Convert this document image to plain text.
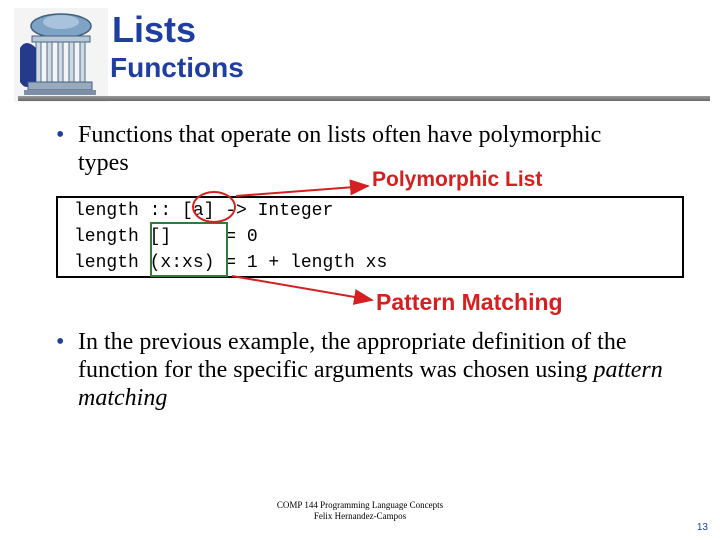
Lists
Functions
• Functions that operate on lists often have polymorphic types
length :: [a] -> Integer
length []     = 0
length (x:xs) = 1 + length xs
Polymorphic List
Pattern Matching
• In the previous example, the appropriate definition of the function for the specific arguments was chosen using pattern matching
COMP 144 Programming Language Concepts
Felix Hernandez-Campos
13
